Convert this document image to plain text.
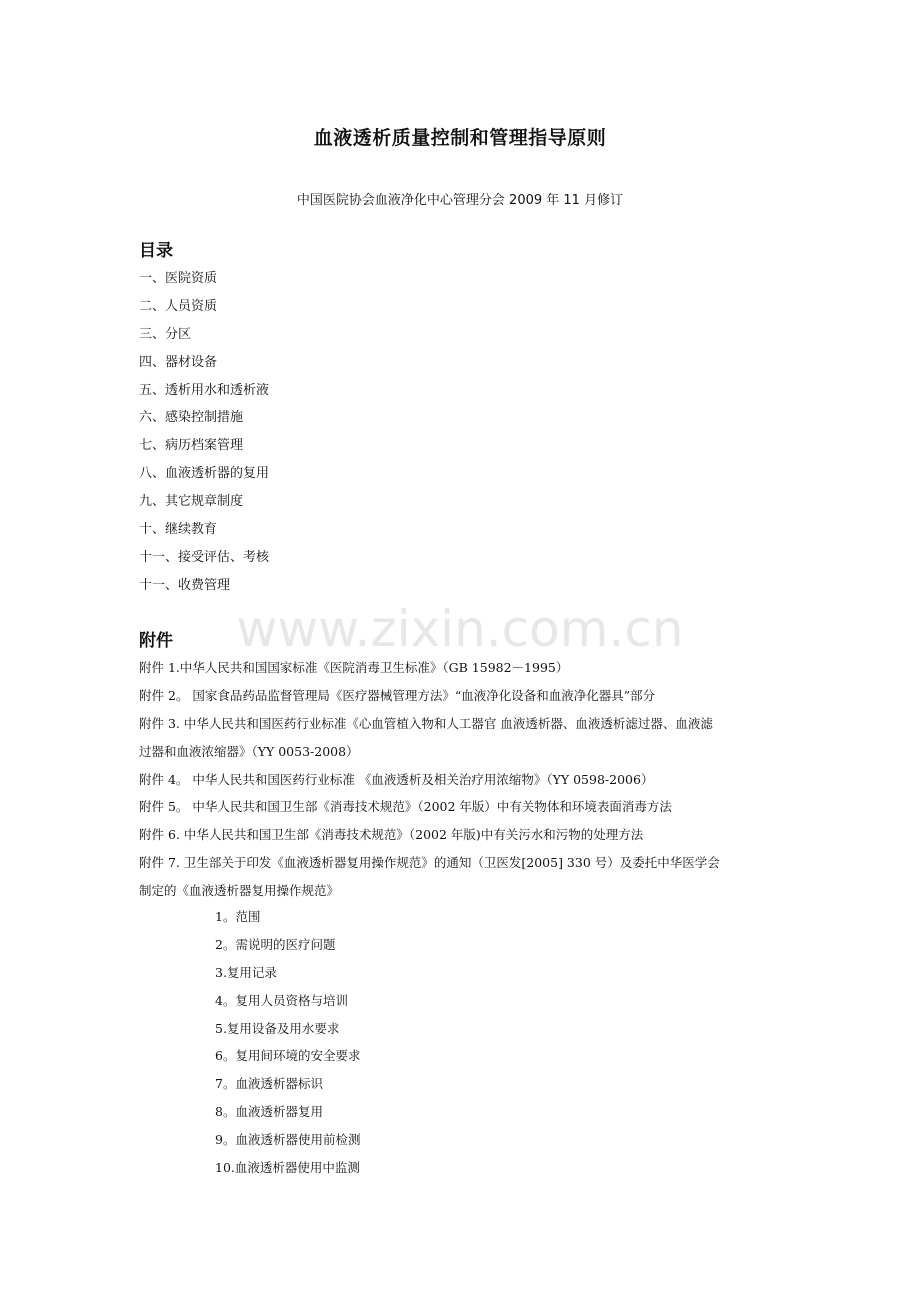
www.zixin.com.cn
血液透析质量控制和管理指导原则
中国医院协会血液净化中心管理分会 2009 年 11 月修订
目录
一、医院资质
二、人员资质
三、分区
四、器材设备
五、透析用水和透析液
六、感染控制措施
七、病历档案管理
八、血液透析器的复用
九、其它规章制度
十、继续教育
十一、接受评估、考核
十一、收费管理
附件
附件 1.中华人民共和国国家标准《医院消毒卫生标准》（GB 15982－1995）
附件 2。 国家食品药品监督管理局《医疗器械管理方法》“血液净化设备和血液净化器具”部分
附件 3. 中华人民共和国医药行业标准《心血管植入物和人工器官 血液透析器、血液透析滤过器、血液滤
过器和血液浓缩器》（YY 0053-2008）
附件 4。 中华人民共和国医药行业标准 《血液透析及相关治疗用浓缩物》（YY 0598-2006）
附件 5。 中华人民共和国卫生部《消毒技术规范》（2002 年版）中有关物体和环境表面消毒方法
附件 6. 中华人民共和国卫生部《消毒技术规范》（2002 年版)中有关污水和污物的处理方法
附件 7. 卫生部关于印发《血液透析器复用操作规范》的通知（卫医发[2005] 330 号）及委托中华医学会
制定的《血液透析器复用操作规范》
1。范围
2。需说明的医疗问题
3.复用记录
4。复用人员资格与培训
5.复用设备及用水要求
6。复用间环境的安全要求
7。血液透析器标识
8。血液透析器复用
9。血液透析器使用前检测
10.血液透析器使用中监测
